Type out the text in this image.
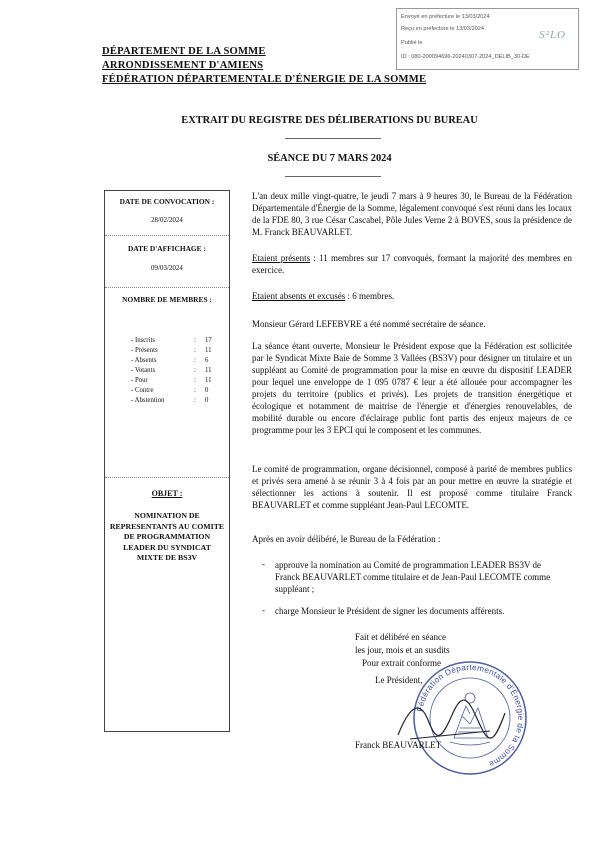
Envoyé en préfecture le 13/03/2024
Reçu en préfecture le 13/03/2024
Publié le
ID : 080-200094696-20240307-2024_DELIB_30-DE
S²LO
DÉPARTEMENT DE LA SOMME
ARRONDISSEMENT D'AMIENS
FÉDÉRATION DÉPARTEMENTALE D'ÉNERGIE DE LA SOMME
EXTRAIT DU REGISTRE DES DÉLIBERATIONS DU BUREAU
SÉANCE DU 7 MARS 2024
DATE DE CONVOCATION :
28/02/2024
DATE D'AFFICHAGE :
09/03/2024
NOMBRE DE MEMBRES :
- Inscrits	: 17
- Présents	: 11
- Absents	: 6
- Votants	: 11
- Pour	: 11
- Contre	: 0
- Abstention	: 0
OBJET :
NOMINATION DE REPRESENTANTS AU COMITE DE PROGRAMMATION LEADER DU SYNDICAT MIXTE DE BS3V
L'an deux mille vingt-quatre, le jeudi 7 mars à 9 heures 30, le Bureau de la Fédération Départementale d'Énergie de la Somme, légalement convoqué s'est réuni dans les locaux de la FDE 80, 3 rue César Cascabel, Pôle Jules Verne 2 à BOVES, sous la présidence de M. Franck BEAUVARLET.
Etaient présents : 11 membres sur 17 convoqués, formant la majorité des membres en exercice.
Etaient absents et excusés : 6 membres.
Monsieur Gérard LEFEBVRE a été nommé secrétaire de séance.
La séance étant ouverte, Monsieur le Président expose que la Fédération est sollicitée par le Syndicat Mixte Baie de Somme 3 Vallées (BS3V) pour désigner un titulaire et un suppléant au Comité de programmation pour la mise en œuvre du dispositif LEADER pour lequel une enveloppe de 1 095 0787 € leur a été allouée pour accompagner les projets du territoire (publics et privés). Les projets de transition énergétique et écologique et notamment de maitrise de l'énergie et d'énergies renouvelables, de mobilité durable ou encore d'éclairage public font partis des enjeux majeurs de ce programme pour les 3 EPCI qui le composent et les communes.
Le comité de programmation, organe décisionnel, composé à parité de membres publics et privés sera amené à se réunir 3 à 4 fois par an pour mettre en œuvre la stratégie et sélectionner les actions à soutenir. Il est proposé comme titulaire Franck BEAUVARLET et comme suppléant Jean-Paul LECOMTE.
Après en avoir délibéré, le Bureau de la Fédération :
- approuve la nomination au Comité de programmation LEADER BS3V de Franck BEAUVARLET comme titulaire et de Jean-Paul LECOMTE comme suppléant ;
- charge Monsieur le Président de signer les documents afférents.
Fait et délibéré en séance
les jour, mois et an susdits
Pour extrait conforme
Le Président,
Fédération Départementale d'Énergie de la Somme
Franck BEAUVARLET
